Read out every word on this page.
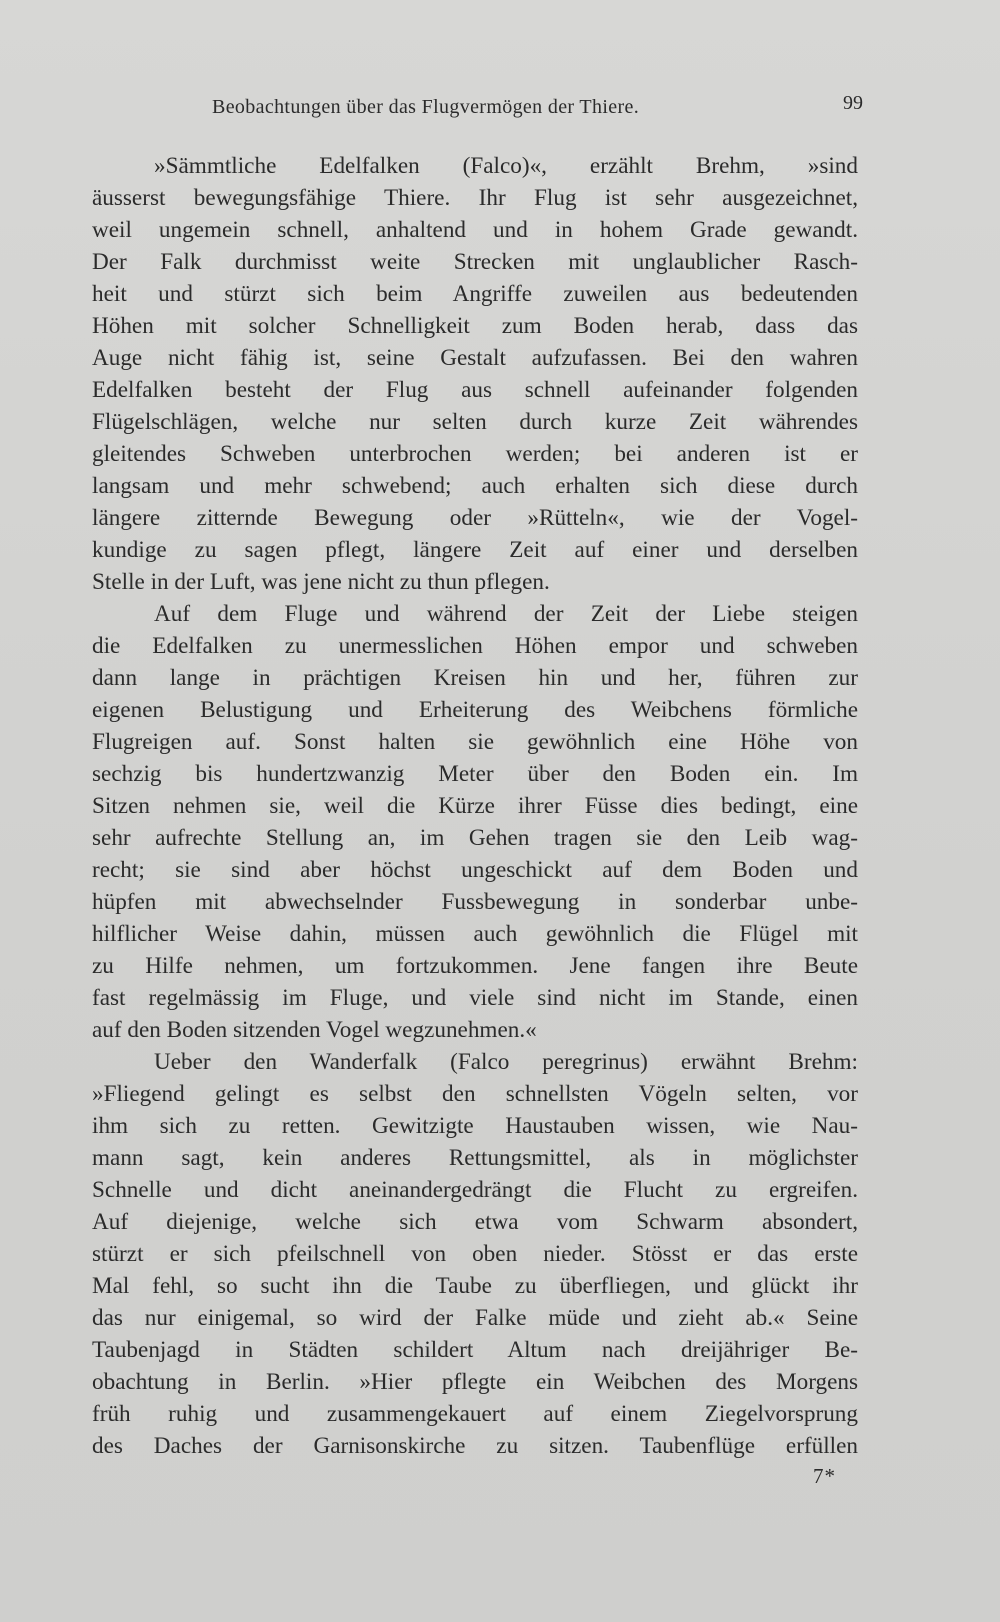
Beobachtungen über das Flugvermögen der Thiere.	99
»Sämmtliche Edelfalken (Falco)«, erzählt Brehm, »sind
äusserst bewegungsfähige Thiere. Ihr Flug ist sehr ausgezeichnet,
weil ungemein schnell, anhaltend und in hohem Grade gewandt.
Der Falk durchmisst weite Strecken mit unglaublicher Rasch-
heit und stürzt sich beim Angriffe zuweilen aus bedeutenden
Höhen mit solcher Schnelligkeit zum Boden herab, dass das
Auge nicht fähig ist, seine Gestalt aufzufassen. Bei den wahren
Edelfalken besteht der Flug aus schnell aufeinander folgenden
Flügelschlägen, welche nur selten durch kurze Zeit währendes
gleitendes Schweben unterbrochen werden; bei anderen ist er
langsam und mehr schwebend; auch erhalten sich diese durch
längere zitternde Bewegung oder »Rütteln«, wie der Vogel-
kundige zu sagen pflegt, längere Zeit auf einer und derselben
Stelle in der Luft, was jene nicht zu thun pflegen.
Auf dem Fluge und während der Zeit der Liebe steigen
die Edelfalken zu unermesslichen Höhen empor und schweben
dann lange in prächtigen Kreisen hin und her, führen zur
eigenen Belustigung und Erheiterung des Weibchens förmliche
Flugreigen auf. Sonst halten sie gewöhnlich eine Höhe von
sechzig bis hundertzwanzig Meter über den Boden ein. Im
Sitzen nehmen sie, weil die Kürze ihrer Füsse dies bedingt, eine
sehr aufrechte Stellung an, im Gehen tragen sie den Leib wag-
recht; sie sind aber höchst ungeschickt auf dem Boden und
hüpfen mit abwechselnder Fussbewegung in sonderbar unbe-
hilflicher Weise dahin, müssen auch gewöhnlich die Flügel mit
zu Hilfe nehmen, um fortzukommen. Jene fangen ihre Beute
fast regelmässig im Fluge, und viele sind nicht im Stande, einen
auf den Boden sitzenden Vogel wegzunehmen.«
Ueber den Wanderfalk (Falco peregrinus) erwähnt Brehm:
»Fliegend gelingt es selbst den schnellsten Vögeln selten, vor
ihm sich zu retten. Gewitzigte Haustauben wissen, wie Nau-
mann sagt, kein anderes Rettungsmittel, als in möglichster
Schnelle und dicht aneinandergedrängt die Flucht zu ergreifen.
Auf diejenige, welche sich etwa vom Schwarm absondert,
stürzt er sich pfeilschnell von oben nieder. Stösst er das erste
Mal fehl, so sucht ihn die Taube zu überfliegen, und glückt ihr
das nur einigemal, so wird der Falke müde und zieht ab.« Seine
Taubenjagd in Städten schildert Altum nach dreijähriger Be-
obachtung in Berlin. »Hier pflegte ein Weibchen des Morgens
früh ruhig und zusammengekauert auf einem Ziegelvorsprung
des Daches der Garnisonskirche zu sitzen. Taubenflüge erfüllen
7*
